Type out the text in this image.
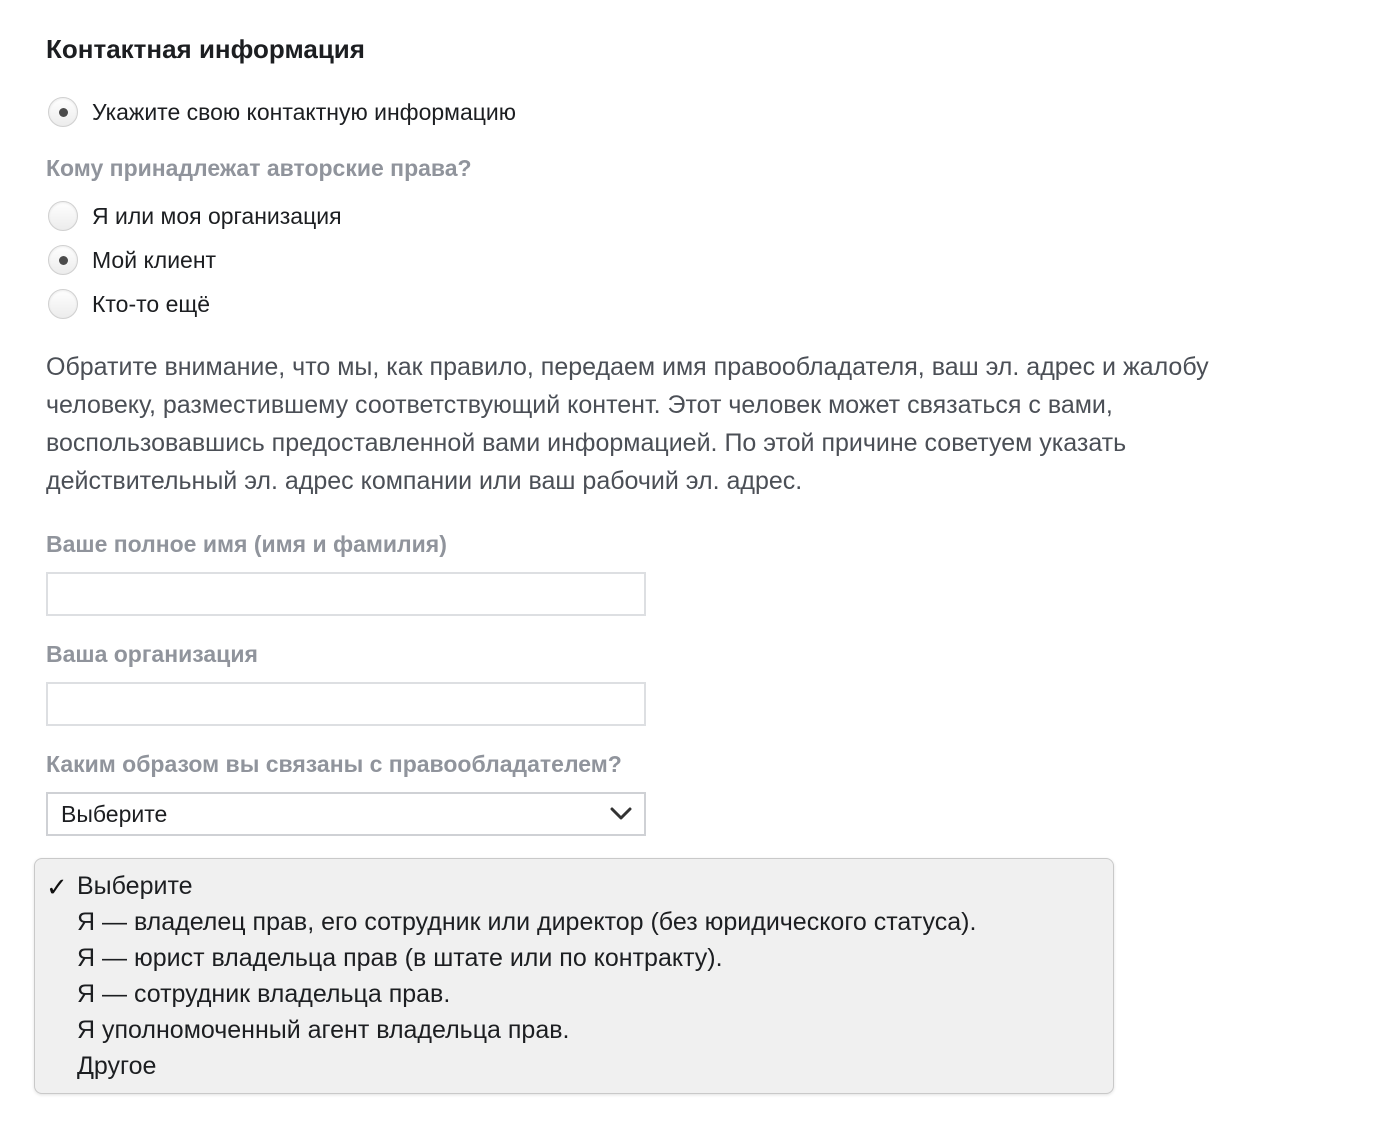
Контактная информация
Укажите свою контактную информацию
Кому принадлежат авторские права?
Я или моя организация
Мой клиент
Кто-то ещё

Обратите внимание, что мы, как правило, передаем имя правообладателя, ваш эл. адрес и жалобу человеку, разместившему соответствующий контент. Этот человек может связаться с вами, воспользовавшись предоставленной вами информацией. По этой причине советуем указать действительный эл. адрес компании или ваш рабочий эл. адрес.

Ваше полное имя (имя и фамилия)
Ваша организация
Каким образом вы связаны с правообладателем?
Выберите
✓ Выберите
Я — владелец прав, его сотрудник или директор (без юридического статуса).
Я — юрист владельца прав (в штате или по контракту).
Я — сотрудник владельца прав.
Я уполномоченный агент владельца прав.
Другое
